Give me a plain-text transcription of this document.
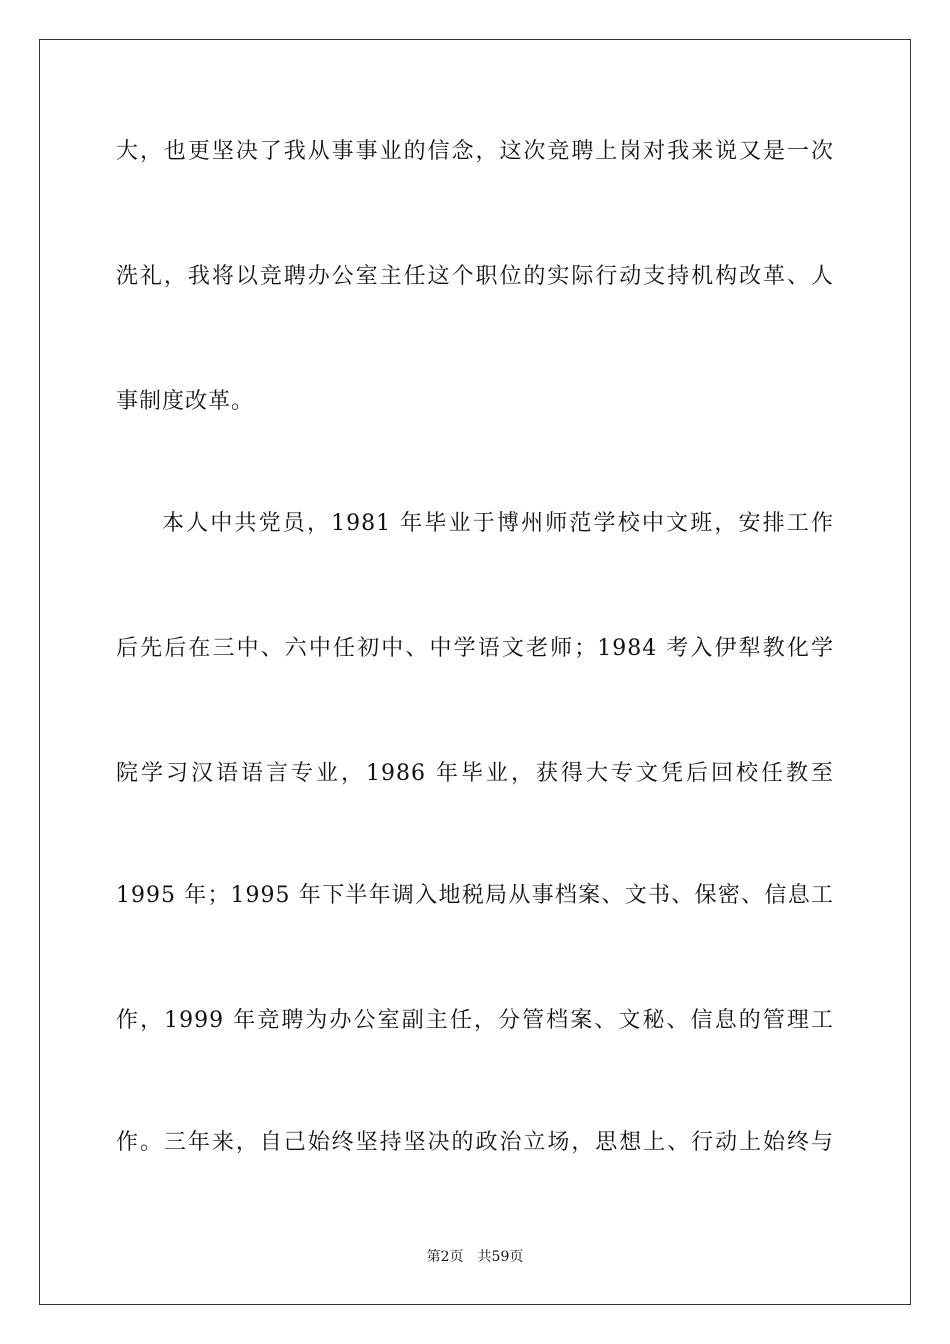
大，也更坚决了我从事事业的信念，这次竞聘上岗对我来说又是一次
洗礼，我将以竞聘办公室主任这个职位的实际行动支持机构改革、人
事制度改革。
本人中共党员，1981 年毕业于博州师范学校中文班，安排工作
后先后在三中、六中任初中、中学语文老师；1984 考入伊犁教化学
院学习汉语语言专业，1986 年毕业，获得大专文凭后回校任教至
1995 年；1995 年下半年调入地税局从事档案、文书、保密、信息工
作，1999 年竞聘为办公室副主任，分管档案、文秘、信息的管理工
作。三年来，自己始终坚持坚决的政治立场，思想上、行动上始终与
第2页 共59页
